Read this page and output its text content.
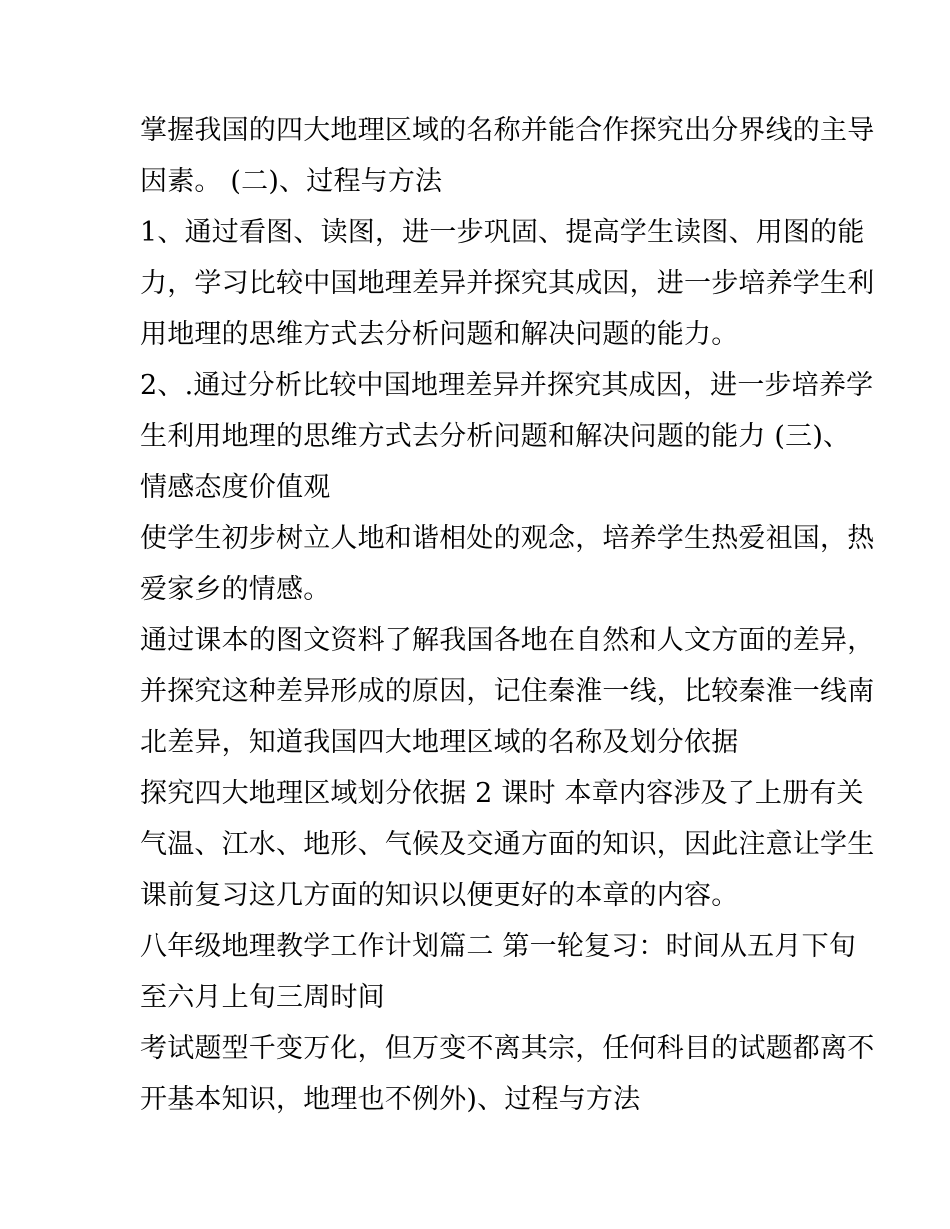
掌握我国的四大地理区域的名称并能合作探究出分界线的主导
因素。 (二)、过程与方法
1、通过看图、读图，进一步巩固、提高学生读图、用图的能
力，学习比较中国地理差异并探究其成因，进一步培养学生利
用地理的思维方式去分析问题和解决问题的能力。
2、.通过分析比较中国地理差异并探究其成因，进一步培养学
生利用地理的思维方式去分析问题和解决问题的能力 (三)、
情感态度价值观
使学生初步树立人地和谐相处的观念，培养学生热爱祖国，热
爱家乡的情感。
通过课本的图文资料了解我国各地在自然和人文方面的差异，
并探究这种差异形成的原因，记住秦淮一线，比较秦淮一线南
北差异，知道我国四大地理区域的名称及划分依据
探究四大地理区域划分依据 2 课时 本章内容涉及了上册有关
气温、江水、地形、气候及交通方面的知识，因此注意让学生
课前复习这几方面的知识以便更好的本章的内容。
八年级地理教学工作计划篇二 第一轮复习：时间从五月下旬
至六月上旬三周时间
考试题型千变万化，但万变不离其宗，任何科目的试题都离不
开基本知识，地理也不例外)、过程与方法
